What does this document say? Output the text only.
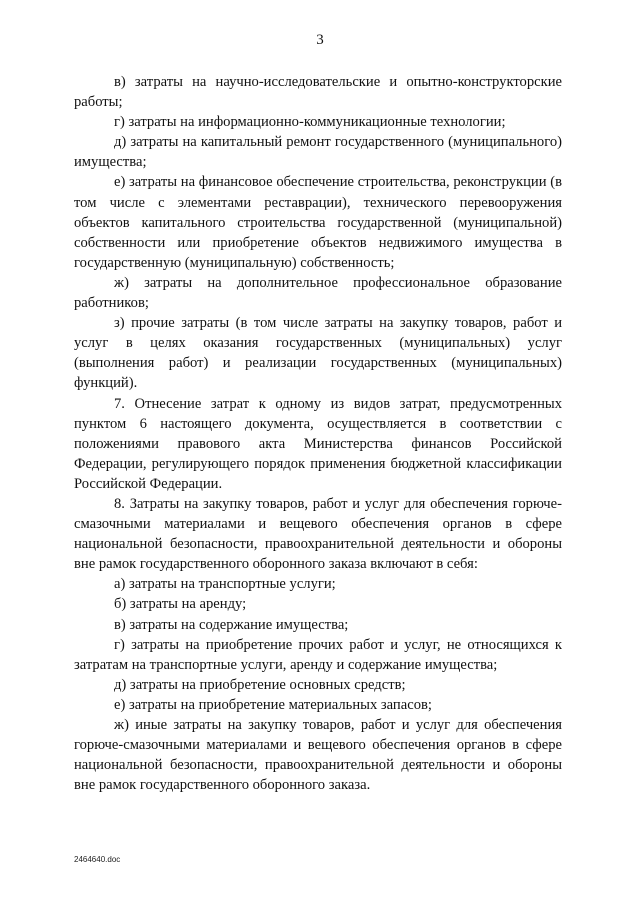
3

в) затраты на научно-исследовательские и опытно-конструкторские работы;

г) затраты на информационно-коммуникационные технологии;

д) затраты на капитальный ремонт государственного (муниципального) имущества;

е) затраты на финансовое обеспечение строительства, реконструкции (в том числе с элементами реставрации), технического перевооружения объектов капитального строительства государственной (муниципальной) собственности или приобретение объектов недвижимого имущества в государственную (муниципальную) собственность;

ж) затраты на дополнительное профессиональное образование работников;

з) прочие затраты (в том числе затраты на закупку товаров, работ и услуг в целях оказания государственных (муниципальных) услуг (выполнения работ) и реализации государственных (муниципальных) функций).

7. Отнесение затрат к одному из видов затрат, предусмотренных пунктом 6 настоящего документа, осуществляется в соответствии с положениями правового акта Министерства финансов Российской Федерации, регулирующего порядок применения бюджетной классификации Российской Федерации.

8. Затраты на закупку товаров, работ и услуг для обеспечения горюче-смазочными материалами и вещевого обеспечения органов в сфере национальной безопасности, правоохранительной деятельности и обороны вне рамок государственного оборонного заказа включают в себя:

а) затраты на транспортные услуги;

б) затраты на аренду;

в) затраты на содержание имущества;

г) затраты на приобретение прочих работ и услуг, не относящихся к затратам на транспортные услуги, аренду и содержание имущества;

д) затраты на приобретение основных средств;

е) затраты на приобретение материальных запасов;

ж) иные затраты на закупку товаров, работ и услуг для обеспечения горюче-смазочными материалами и вещевого обеспечения органов в сфере национальной безопасности, правоохранительной деятельности и обороны вне рамок государственного оборонного заказа.

2464640.doc
